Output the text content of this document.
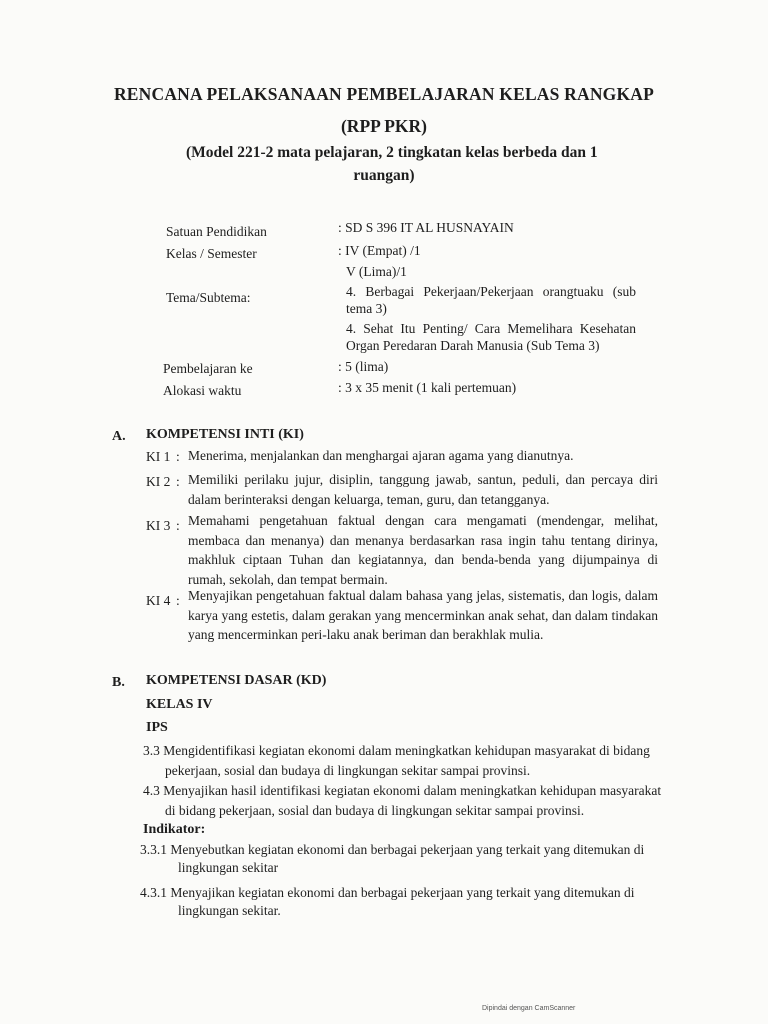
RENCANA PELAKSANAAN PEMBELAJARAN KELAS RANGKAP
(RPP PKR)
(Model 221-2 mata pelajaran, 2 tingkatan kelas berbeda dan 1
ruangan)
Satuan Pendidikan	: SD S 396 IT AL HUSNAYAIN
Kelas / Semester	: IV (Empat) /1
V (Lima)/1
Tema/Subtema:	4. Berbagai Pekerjaan/Pekerjaan orangtuaku (sub tema 3)
4. Sehat Itu Penting/ Cara Memelihara Kesehatan Organ Peredaran Darah Manusia (Sub Tema 3)
Pembelajaran ke	: 5 (lima)
Alokasi waktu	: 3 x 35 menit (1 kali pertemuan)
A. KOMPETENSI INTI (KI)
KI 1 : Menerima, menjalankan dan menghargai ajaran agama yang dianutnya.
KI 2 : Memiliki perilaku jujur, disiplin, tanggung jawab, santun, peduli, dan percaya diri dalam berinteraksi dengan keluarga, teman, guru, dan tetangganya.
KI 3 : Memahami pengetahuan faktual dengan cara mengamati (mendengar, melihat, membaca dan menanya) dan menanya berdasarkan rasa ingin tahu tentang dirinya, makhluk ciptaan Tuhan dan kegiatannya, dan benda-benda yang dijumpainya di rumah, sekolah, dan tempat bermain.
KI 4 : Menyajikan pengetahuan faktual dalam bahasa yang jelas, sistematis, dan logis, dalam karya yang estetis, dalam gerakan yang mencerminkan anak sehat, dan dalam tindakan yang mencerminkan peri-laku anak beriman dan berakhlak mulia.
B. KOMPETENSI DASAR (KD)
KELAS IV
IPS
3.3 Mengidentifikasi kegiatan ekonomi dalam meningkatkan kehidupan masyarakat di bidang
pekerjaan, sosial dan budaya di lingkungan sekitar sampai provinsi.
4.3 Menyajikan hasil identifikasi kegiatan ekonomi dalam meningkatkan kehidupan masyarakat
di bidang pekerjaan, sosial dan budaya di lingkungan sekitar sampai provinsi.
Indikator:
3.3.1 Menyebutkan kegiatan ekonomi dan berbagai pekerjaan yang terkait yang ditemukan di
lingkungan sekitar
4.3.1 Menyajikan kegiatan ekonomi dan berbagai pekerjaan yang terkait yang ditemukan di
lingkungan sekitar.
Dipindai dengan CamScanner
